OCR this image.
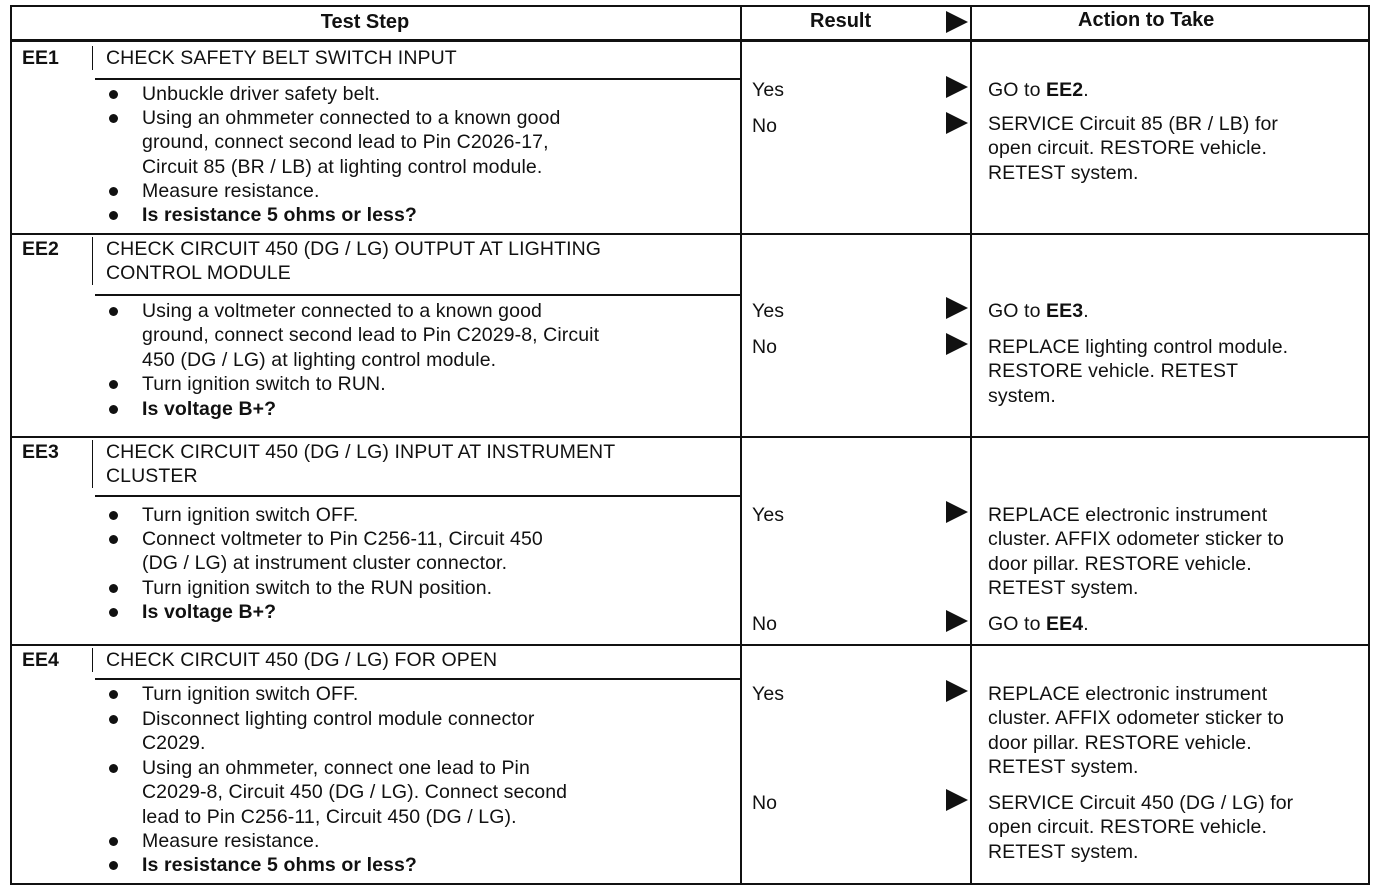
Test Step	Result	Action to Take
EE1	CHECK SAFETY BELT SWITCH INPUT
Unbuckle driver safety belt.
Using an ohmmeter connected to a known good
ground, connect second lead to Pin C2026-17,
Circuit 85 (BR / LB) at lighting control module.
Measure resistance.
Is resistance 5 ohms or less?
Yes	GO to EE2.
No	SERVICE Circuit 85 (BR / LB) for
open circuit. RESTORE vehicle.
RETEST system.
EE2	CHECK CIRCUIT 450 (DG / LG) OUTPUT AT LIGHTING
CONTROL MODULE
Using a voltmeter connected to a known good
ground, connect second lead to Pin C2029-8, Circuit
450 (DG / LG) at lighting control module.
Turn ignition switch to RUN.
Is voltage B+?
Yes	GO to EE3.
No	REPLACE lighting control module.
RESTORE vehicle. RETEST
system.
EE3	CHECK CIRCUIT 450 (DG / LG) INPUT AT INSTRUMENT
CLUSTER
Turn ignition switch OFF.
Connect voltmeter to Pin C256-11, Circuit 450
(DG / LG) at instrument cluster connector.
Turn ignition switch to the RUN position.
Is voltage B+?
Yes	REPLACE electronic instrument
cluster. AFFIX odometer sticker to
door pillar. RESTORE vehicle.
RETEST system.
No	GO to EE4.
EE4	CHECK CIRCUIT 450 (DG / LG) FOR OPEN
Turn ignition switch OFF.
Disconnect lighting control module connector
C2029.
Using an ohmmeter, connect one lead to Pin
C2029-8, Circuit 450 (DG / LG). Connect second
lead to Pin C256-11, Circuit 450 (DG / LG).
Measure resistance.
Is resistance 5 ohms or less?
Yes	REPLACE electronic instrument
cluster. AFFIX odometer sticker to
door pillar. RESTORE vehicle.
RETEST system.
No	SERVICE Circuit 450 (DG / LG) for
open circuit. RESTORE vehicle.
RETEST system.
